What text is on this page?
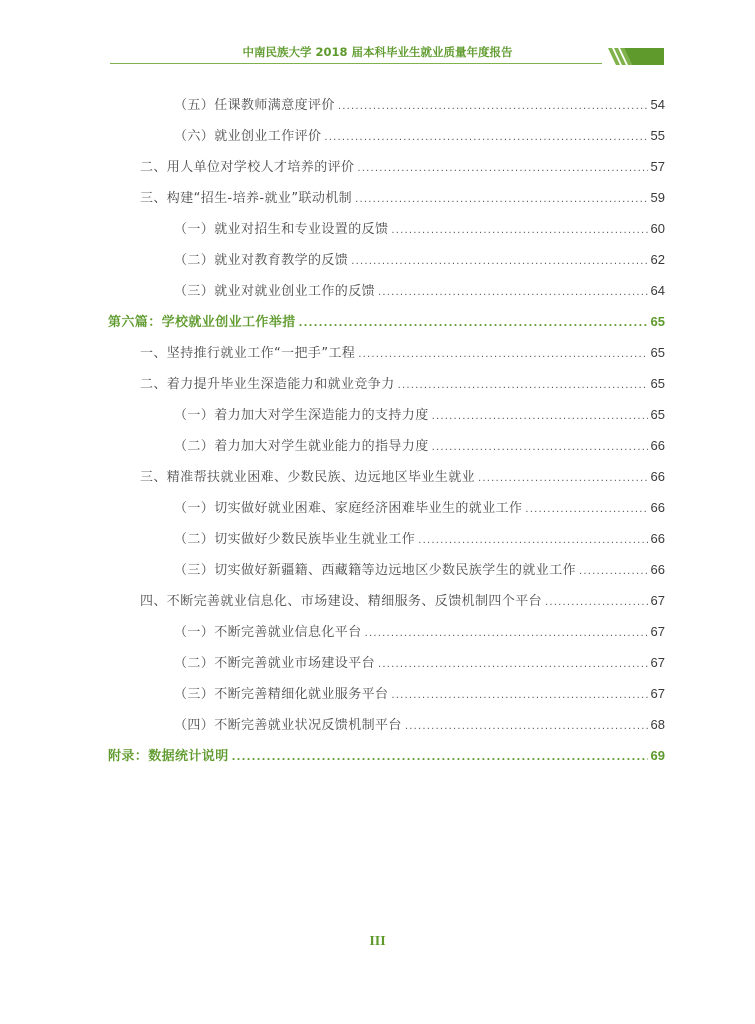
中南民族大学 2018 届本科毕业生就业质量年度报告
（五）任课教师满意度评价 .....	54
（六）就业创业工作评价 .....	55
二、用人单位对学校人才培养的评价 .....	57
三、构建“招生-培养-就业”联动机制 .....	59
（一）就业对招生和专业设置的反馈 .....	60
（二）就业对教育教学的反馈 .....	62
（三）就业对就业创业工作的反馈 .....	64
第六篇：学校就业创业工作举措 .....	65
一、坚持推行就业工作“一把手”工程 .....	65
二、着力提升毕业生深造能力和就业竞争力 .....	65
（一）着力加大对学生深造能力的支持力度 .....	65
（二）着力加大对学生就业能力的指导力度 .....	66
三、精准帮扶就业困难、少数民族、边远地区毕业生就业 .....	66
（一）切实做好就业困难、家庭经济困难毕业生的就业工作 .....	66
（二）切实做好少数民族毕业生就业工作 .....	66
（三）切实做好新疆籍、西藏籍等边远地区少数民族学生的就业工作 .....	66
四、不断完善就业信息化、市场建设、精细服务、反馈机制四个平台 .....	67
（一）不断完善就业信息化平台 .....	67
（二）不断完善就业市场建设平台 .....	67
（三）不断完善精细化就业服务平台 .....	67
（四）不断完善就业状况反馈机制平台 .....	68
附录：数据统计说明 .....	69
III
